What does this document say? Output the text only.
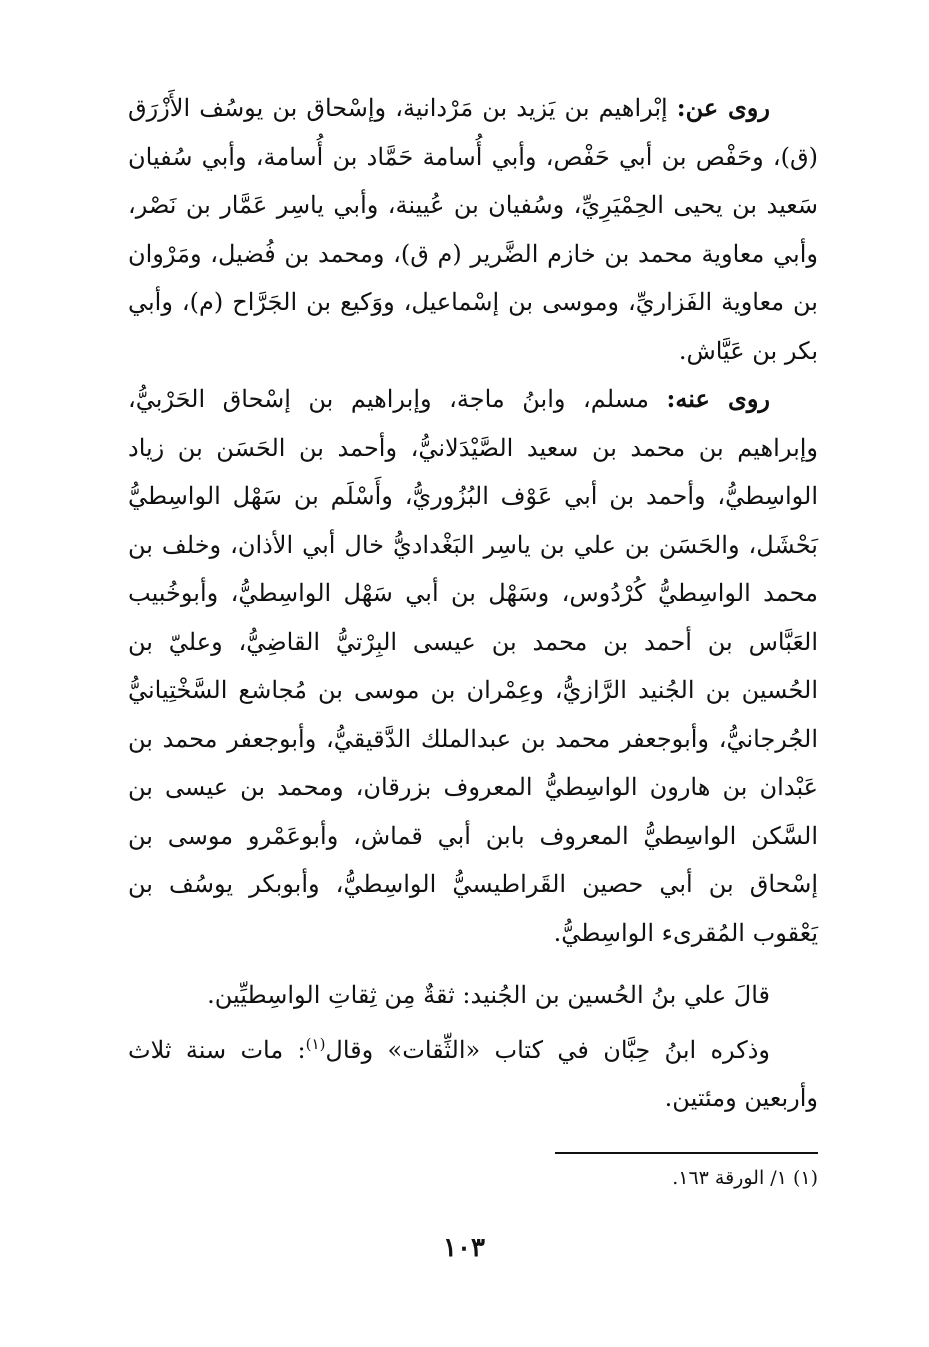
روى عن: إبْراهيم بن يَزيد بن مَرْدانية، وإسْحاق بن يوسُف الأَزْرَق (ق)، وحَفْص بن أبي حَفْص، وأبي أُسامة حَمَّاد بن أُسامة، وأبي سُفيان سَعيد بن يحيى الحِمْيَرِيِّ، وسُفيان بن عُيينة، وأبي ياسِر عَمَّار بن نَصْر، وأبي معاوية محمد بن خازم الضَّرير (م ق)، ومحمد بن فُضيل، ومَرْوان بن معاوية الفَزاريِّ، وموسى بن إسْماعيل، ووَكيع بن الجَرَّاح (م)، وأبي بكر بن عَيَّاش.

روى عنه: مسلم، وابنُ ماجة، وإبراهيم بن إسْحاق الحَرْبيُّ، وإبراهيم بن محمد بن سعيد الصَّيْدَلانيُّ، وأحمد بن الحَسَن بن زياد الواسِطيُّ، وأحمد بن أبي عَوْف البُزُوريُّ، وأَسْلَم بن سَهْل الواسِطيُّ بَحْشَل، والحَسَن بن علي بن ياسِر البَغْداديُّ خال أبي الأذان، وخلف بن محمد الواسِطيُّ كُرْدُوس، وسَهْل بن أبي سَهْل الواسِطيُّ، وأبوخُبيب العَبَّاس بن أحمد بن محمد بن عيسى البِرْتيُّ القاضِيُّ، وعليّ بن الحُسين بن الجُنيد الرَّازيُّ، وعِمْران بن موسى بن مُجاشع السَّخْتِيانيُّ الجُرجانيُّ، وأبوجعفر محمد بن عبدالملك الدَّقيقيُّ، وأبوجعفر محمد بن عَبْدان بن هارون الواسِطيُّ المعروف بزرقان، ومحمد بن عيسى بن السَّكن الواسِطيُّ المعروف بابن أبي قماش، وأبوعَمْرو موسى بن إسْحاق بن أبي حصين القَراطيسيُّ الواسِطيُّ، وأبوبكر يوسُف بن يَعْقوب المُقرىء الواسِطيُّ.

قالَ علي بنُ الحُسين بن الجُنيد: ثقةٌ مِن ثِقاتِ الواسِطيِّين.

وذكره ابنُ حِبَّان في كتاب «الثِّقات» وقال$^{(١)}$: مات سنة ثلاث وأربعين ومئتين.

(١) ١/ الورقة ١٦٣.
١٠٣
